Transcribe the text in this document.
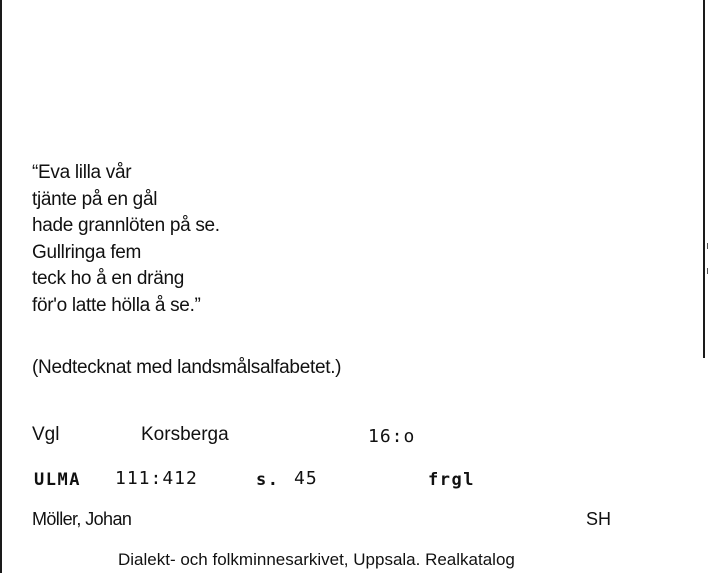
“Eva lilla vår
tjänte på en gål
hade grannlöten på se.
Gullringa fem
teck ho å en dräng
för'o latte hölla å se.”
(Nedtecknat med landsmålsalfabetet.)
Vgl	Korsberga	16:o
ULMA 111:412	s. 45	frgl
Möller, Johan	SH
Dialekt- och folkminnesarkivet, Uppsala. Realkatalog
